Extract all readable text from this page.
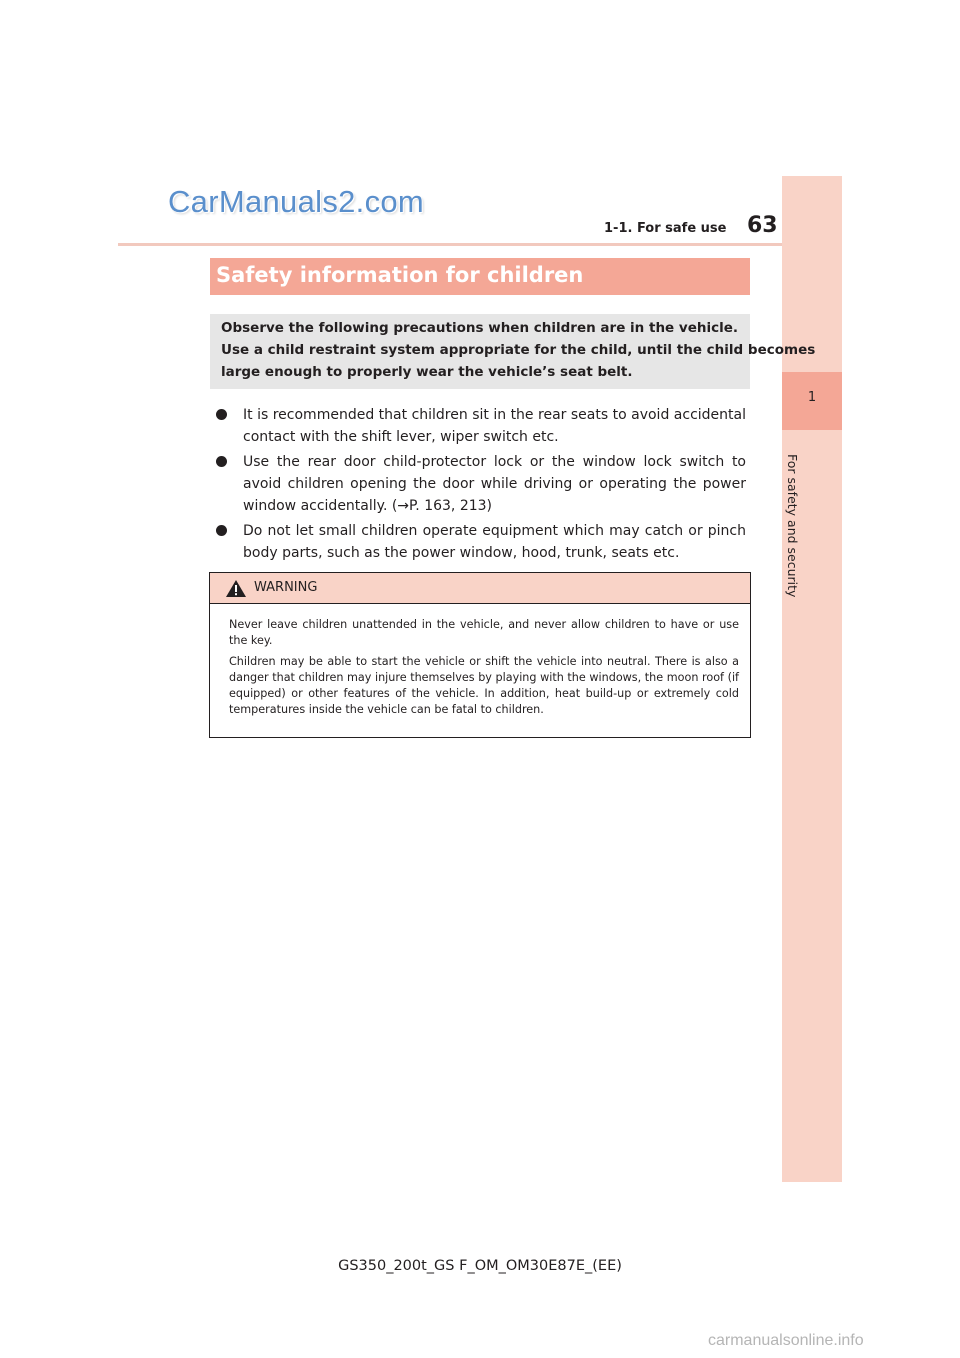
CarManuals2.com
1-1. For safe use 63
1
For safety and security
Safety information for children
Observe the following precautions when children are in the vehicle.
Use a child restraint system appropriate for the child, until the child becomes
large enough to properly wear the vehicle’s seat belt.
It is recommended that children sit in the rear seats to avoid accidental contact with the shift lever, wiper switch etc.
Use the rear door child-protector lock or the window lock switch to avoid children opening the door while driving or operating the power window accidentally. (→P. 163, 213)
Do not let small children operate equipment which may catch or pinch body parts, such as the power window, hood, trunk, seats etc.
WARNING

Never leave children unattended in the vehicle, and never allow children to have or use the key.

Children may be able to start the vehicle or shift the vehicle into neutral. There is also a danger that children may injure themselves by playing with the windows, the moon roof (if equipped) or other features of the vehicle. In addition, heat build-up or extremely cold temperatures inside the vehicle can be fatal to children.

GS350_200t_GS F_OM_OM30E87E_(EE)
carmanualsonline.info
